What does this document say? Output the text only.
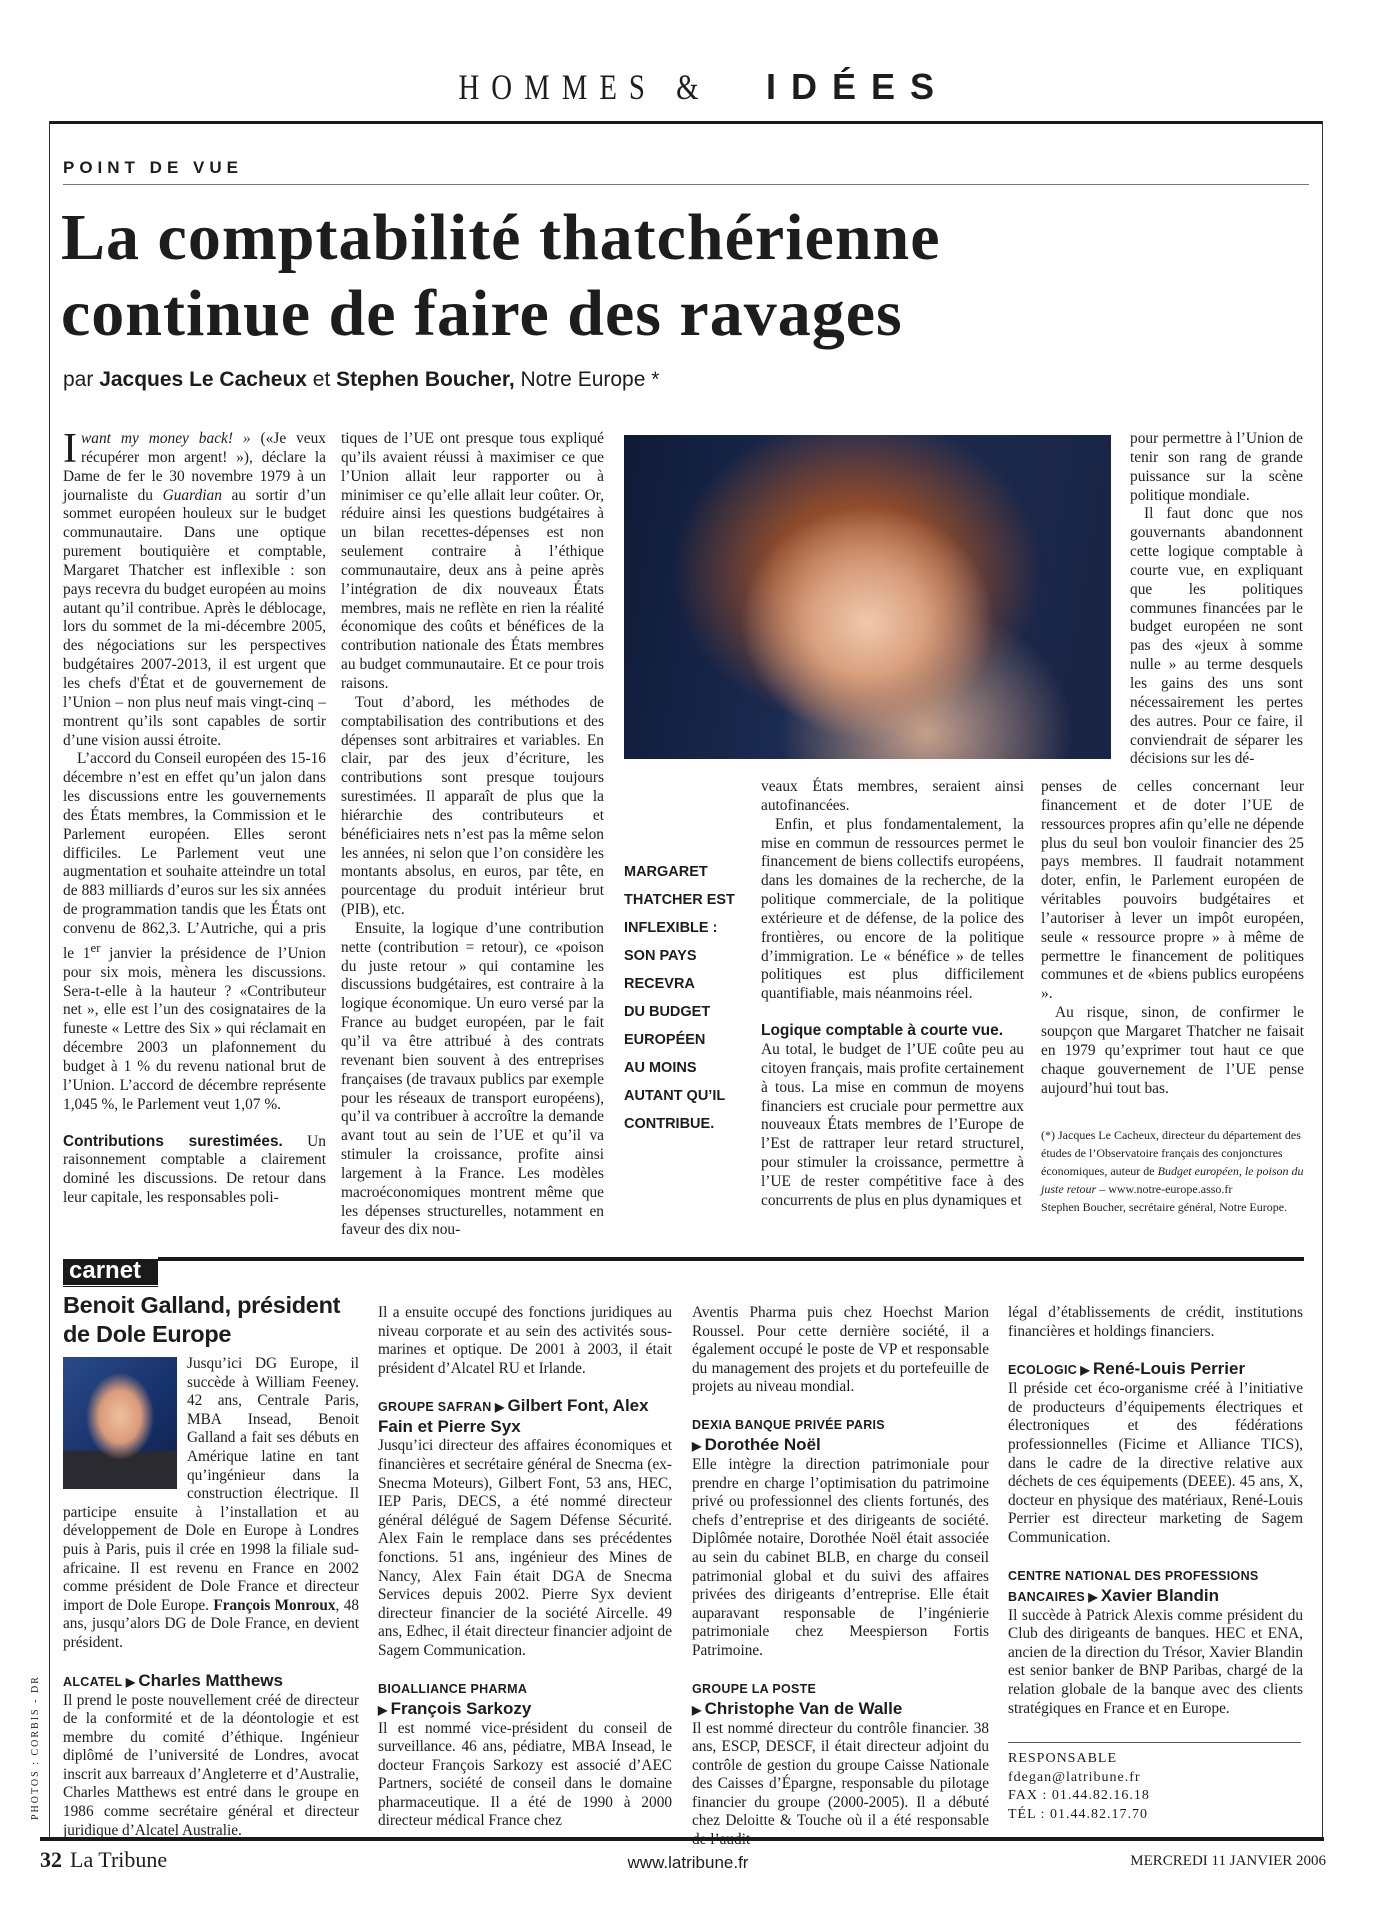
HOMMES & IDÉES
POINT DE VUE
La comptabilité thatchérienne
continue de faire des ravages
par Jacques Le Cacheux et Stephen Boucher, Notre Europe *

Iwant my money back! » («Je veux récupérer mon argent! »), déclare la Dame de fer le 30 novembre 1979 à un journaliste du Guardian au sortir d’un sommet européen houleux sur le budget communautaire. Dans une optique purement boutiquière et comptable, Margaret Thatcher est inflexible : son pays recevra du budget européen au moins autant qu’il contribue. Après le déblocage, lors du sommet de la mi-décembre 2005, des négociations sur les perspectives budgétaires 2007-2013, il est urgent que les chefs d'État et de gouvernement de l’Union – non plus neuf mais vingt-cinq – montrent qu’ils sont capables de sortir d’une vision aussi étroite.

L’accord du Conseil européen des 15-16 décembre n’est en effet qu’un jalon dans les discussions entre les gouvernements des États membres, la Commission et le Parlement européen. Elles seront difficiles. Le Parlement veut une augmentation et souhaite atteindre un total de 883 milliards d’euros sur les six années de programmation tandis que les États ont convenu de 862,3. L’Autriche, qui a pris le 1er janvier la présidence de l’Union pour six mois, mènera les discussions. Sera-t-elle à la hauteur ? «Contributeur net », elle est l’un des cosignataires de la funeste « Lettre des Six » qui réclamait en décembre 2003 un plafonnement du budget à 1 % du revenu national brut de l’Union. L’accord de décembre représente 1,045 %, le Parlement veut 1,07 %.

Contributions surestimées. Un raisonnement comptable a clairement dominé les discussions. De retour dans leur capitale, les responsables poli-

tiques de l’UE ont presque tous expliqué qu’ils avaient réussi à maximiser ce que l’Union allait leur rapporter ou à minimiser ce qu’elle allait leur coûter. Or, réduire ainsi les questions budgétaires à un bilan recettes-dépenses est non seulement contraire à l’éthique communautaire, deux ans à peine après l’intégration de dix nouveaux États membres, mais ne reflète en rien la réalité économique des coûts et bénéfices de la contribution nationale des États membres au budget communautaire. Et ce pour trois raisons.

Tout d’abord, les méthodes de comptabilisation des contributions et des dépenses sont arbitraires et variables. En clair, par des jeux d’écriture, les contributions sont presque toujours surestimées. Il apparaît de plus que la hiérarchie des contributeurs et bénéficiaires nets n’est pas la même selon les années, ni selon que l’on considère les montants absolus, en euros, par tête, en pourcentage du produit intérieur brut (PIB), etc.

Ensuite, la logique d’une contribution nette (contribution = retour), ce «poison du juste retour » qui contamine les discussions budgétaires, est contraire à la logique économique. Un euro versé par la France au budget européen, par le fait qu’il va être attribué à des contrats revenant bien souvent à des entreprises françaises (de travaux publics par exemple pour les réseaux de transport européens), qu’il va contribuer à accroître la demande avant tout au sein de l’UE et qu’il va stimuler la croissance, profite ainsi largement à la France. Les modèles macroéconomiques montrent même que les dépenses structurelles, notamment en faveur des dix nou-

MARGARET
THATCHER EST
INFLEXIBLE :
SON PAYS
RECEVRA
DU BUDGET
EUROPÉEN
AU MOINS
AUTANT QU’IL
CONTRIBUE.

veaux États membres, seraient ainsi autofinancées.

Enfin, et plus fondamentalement, la mise en commun de ressources permet le financement de biens collectifs européens, dans les domaines de la recherche, de la politique commerciale, de la politique extérieure et de défense, de la police des frontières, ou encore de la politique d’immigration. Le « bénéfice » de telles politiques est plus difficilement quantifiable, mais néanmoins réel.

Logique comptable à courte vue.

Au total, le budget de l’UE coûte peu au citoyen français, mais profite certainement à tous. La mise en commun de moyens financiers est cruciale pour permettre aux nouveaux États membres de l’Europe de l’Est de rattraper leur retard structurel, pour stimuler la croissance, permettre à l’UE de rester compétitive face à des concurrents de plus en plus dynamiques et

pour permettre à l’Union de tenir son rang de grande puissance sur la scène politique mondiale.

Il faut donc que nos gouvernants abandonnent cette logique comptable à courte vue, en expliquant que les politiques communes financées par le budget européen ne sont pas des «jeux à somme nulle » au terme desquels les gains des uns sont nécessairement les pertes des autres. Pour ce faire, il conviendrait de séparer les décisions sur les dé-

penses de celles concernant leur financement et de doter l’UE de ressources propres afin qu’elle ne dépende plus du seul bon vouloir financier des 25 pays membres. Il faudrait notamment doter, enfin, le Parlement européen de véritables pouvoirs budgétaires et l’autoriser à lever un impôt européen, seule « ressource propre » à même de permettre le financement de politiques communes et de «biens publics européens ».

Au risque, sinon, de confirmer le soupçon que Margaret Thatcher ne faisait en 1979 qu’exprimer tout haut ce que chaque gouvernement de l’UE pense aujourd’hui tout bas.

(*) Jacques Le Cacheux, directeur du département des études de l’Observatoire français des conjonctures économiques, auteur de Budget européen, le poison du juste retour – www.notre-europe.asso.fr

Stephen Boucher, secrétaire général, Notre Europe.

carnet
Benoit Galland, président de Dole Europe

Jusqu’ici DG Europe, il succède à William Feeney. 42 ans, Centrale Paris, MBA Insead, Benoit Galland a fait ses débuts en Amérique latine en tant qu’ingénieur dans la construction électrique. Il participe ensuite à l’installation et au développement de Dole en Europe à Londres puis à Paris, puis il crée en 1998 la filiale sud-africaine. Il est revenu en France en 2002 comme président de Dole France et directeur import de Dole Europe. François Monroux, 48 ans, jusqu’alors DG de Dole France, en devient président.

ALCATEL ▶ Charles Matthews

Il prend le poste nouvellement créé de directeur de la conformité et de la déontologie et est membre du comité d’éthique. Ingénieur diplômé de l’université de Londres, avocat inscrit aux barreaux d’Angleterre et d’Australie, Charles Matthews est entré dans le groupe en 1986 comme secrétaire général et directeur juridique d’Alcatel Australie.

Il a ensuite occupé des fonctions juridiques au niveau corporate et au sein des activités sous-marines et optique. De 2001 à 2003, il était président d’Alcatel RU et Irlande.

GROUPE SAFRAN ▶ Gilbert Font, Alex Fain et Pierre Syx

Jusqu’ici directeur des affaires économiques et financières et secrétaire général de Snecma (ex-Snecma Moteurs), Gilbert Font, 53 ans, HEC, IEP Paris, DECS, a été nommé directeur général délégué de Sagem Défense Sécurité. Alex Fain le remplace dans ses précédentes fonctions. 51 ans, ingénieur des Mines de Nancy, Alex Fain était DGA de Snecma Services depuis 2002. Pierre Syx devient directeur financier de la société Aircelle. 49 ans, Edhec, il était directeur financier adjoint de Sagem Communication.

BIOALLIANCE PHARMA
▶ François Sarkozy

Il est nommé vice-président du conseil de surveillance. 46 ans, pédiatre, MBA Insead, le docteur François Sarkozy est associé d’AEC Partners, société de conseil dans le domaine pharmaceutique. Il a été de 1990 à 2000 directeur médical France chez

Aventis Pharma puis chez Hoechst Marion Roussel. Pour cette dernière société, il a également occupé le poste de VP et responsable du management des projets et du portefeuille de projets au niveau mondial.

DEXIA BANQUE PRIVÉE PARIS
▶ Dorothée Noël

Elle intègre la direction patrimoniale pour prendre en charge l’optimisation du patrimoine privé ou professionnel des clients fortunés, des chefs d’entreprise et des dirigeants de société. Diplômée notaire, Dorothée Noël était associée au sein du cabinet BLB, en charge du conseil patrimonial global et du suivi des affaires privées des dirigeants d’entreprise. Elle était auparavant responsable de l’ingénierie patrimoniale chez Meespierson Fortis Patrimoine.

GROUPE LA POSTE
▶ Christophe Van de Walle

Il est nommé directeur du contrôle financier. 38 ans, ESCP, DESCF, il était directeur adjoint du contrôle de gestion du groupe Caisse Nationale des Caisses d’Épargne, responsable du pilotage financier du groupe (2000-2005). Il a débuté chez Deloitte & Touche où il a été responsable de l’audit

légal d’établissements de crédit, institutions financières et holdings financiers.

ECOLOGIC ▶ René-Louis Perrier

Il préside cet éco-organisme créé à l’initiative de producteurs d’équipements électriques et électroniques et des fédérations professionnelles (Ficime et Alliance TICS), dans le cadre de la directive relative aux déchets de ces équipements (DEEE). 45 ans, X, docteur en physique des matériaux, René-Louis Perrier est directeur marketing de Sagem Communication.

CENTRE NATIONAL DES PROFESSIONS BANCAIRES ▶ Xavier Blandin

Il succède à Patrick Alexis comme président du Club des dirigeants de banques. HEC et ENA, ancien de la direction du Trésor, Xavier Blandin est senior banker de BNP Paribas, chargé de la relation globale de la banque avec des clients stratégiques en France et en Europe.

RESPONSABLE
fdegan@latribune.fr
FAX : 01.44.82.16.18
TÉL : 01.44.82.17.70
PHOTOS : CORBIS - DR
32 La Tribune	www.latribune.fr	MERCREDI 11 JANVIER 2006
